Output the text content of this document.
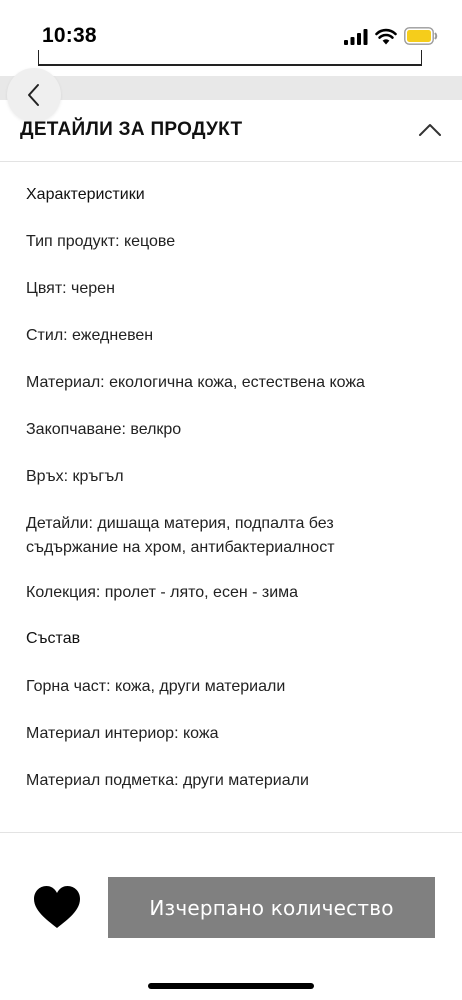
10:38
ДЕТАЙЛИ ЗА ПРОДУКТ
Характеристики
Тип продукт: кецове
Цвят: черен
Стил: ежедневен
Материал: екологична кожа, естествена кожа
Закопчаване: велкро
Връх: кръгъл
Детайли: дишаща материя, подпалта без съдържание на хром, антибактериалност
Колекция: пролет - лято, есен - зима
Състав
Горна част: кожа, други материали
Материал интериор: кожа
Материал подметка: други материали
Изчерпано количество
